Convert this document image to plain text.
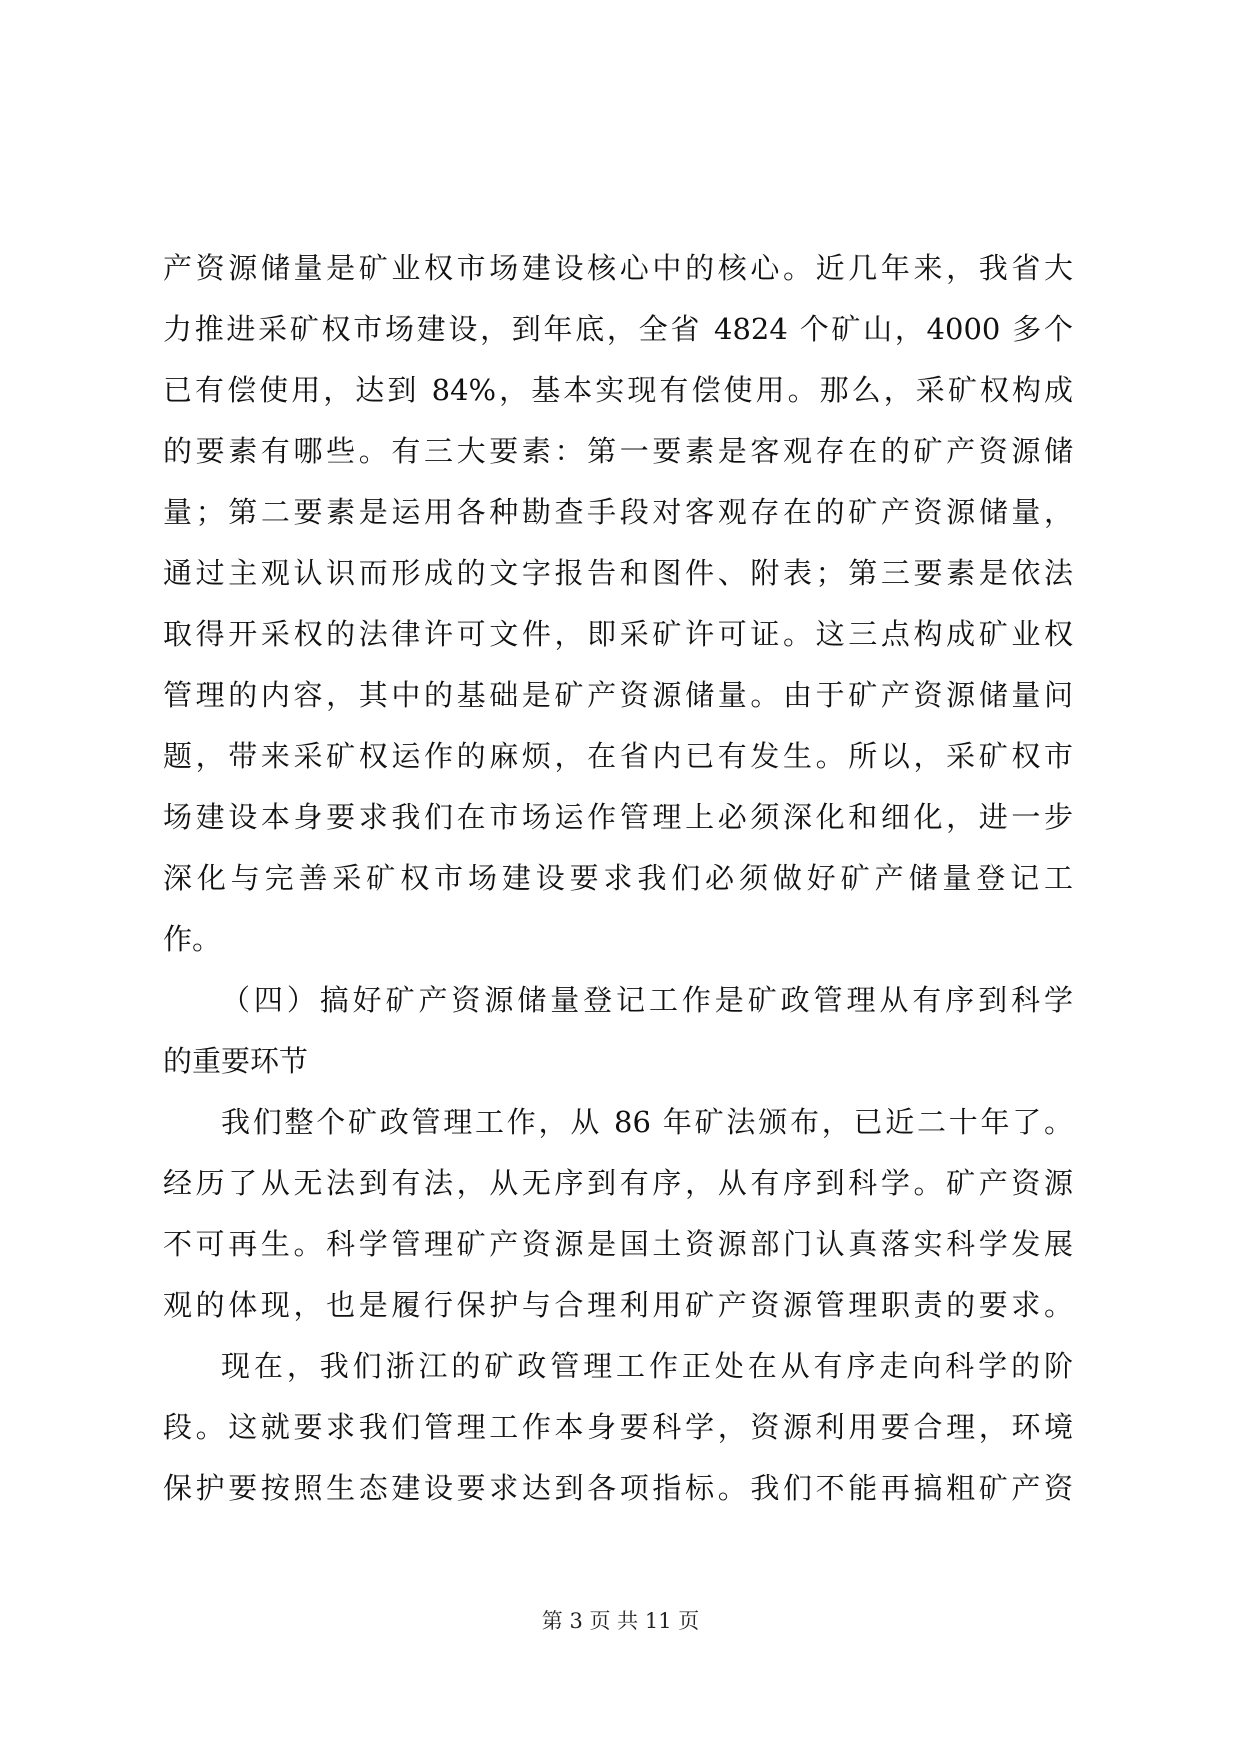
产资源储量是矿业权市场建设核心中的核心。近几年来，我省大
力推进采矿权市场建设，到年底，全省 4824 个矿山，4000 多个
已有偿使用，达到 84%，基本实现有偿使用。那么，采矿权构成
的要素有哪些。有三大要素：第一要素是客观存在的矿产资源储
量；第二要素是运用各种勘查手段对客观存在的矿产资源储量，
通过主观认识而形成的文字报告和图件、附表；第三要素是依法
取得开采权的法律许可文件，即采矿许可证。这三点构成矿业权
管理的内容，其中的基础是矿产资源储量。由于矿产资源储量问
题，带来采矿权运作的麻烦，在省内已有发生。所以，采矿权市
场建设本身要求我们在市场运作管理上必须深化和细化，进一步
深化与完善采矿权市场建设要求我们必须做好矿产储量登记工
作。
（四）搞好矿产资源储量登记工作是矿政管理从有序到科学
的重要环节
我们整个矿政管理工作，从 86 年矿法颁布，已近二十年了。
经历了从无法到有法，从无序到有序，从有序到科学。矿产资源
不可再生。科学管理矿产资源是国土资源部门认真落实科学发展
观的体现，也是履行保护与合理利用矿产资源管理职责的要求。
现在，我们浙江的矿政管理工作正处在从有序走向科学的阶
段。这就要求我们管理工作本身要科学，资源利用要合理，环境
保护要按照生态建设要求达到各项指标。我们不能再搞粗矿产资
第 3 页 共 11 页
